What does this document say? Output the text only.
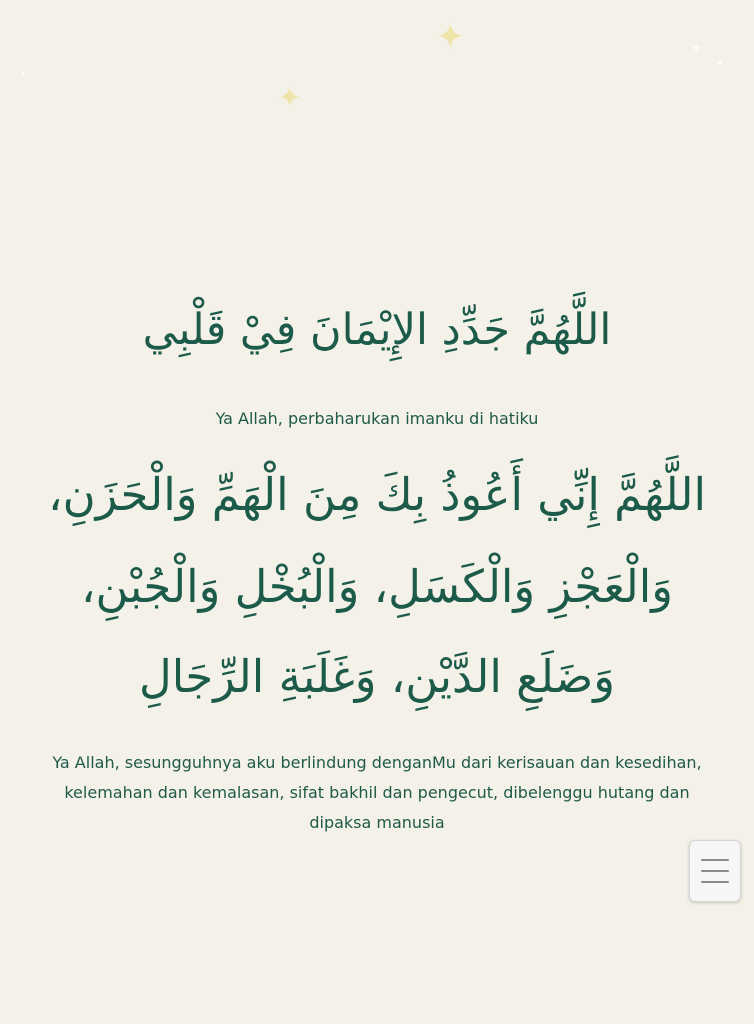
✦
✦
✦
✦
✦
اللَّهُمَّ جَدِّدِ الإِيْمَانَ فِيْ قَلْبِي
Ya Allah, perbaharukan imanku di hatiku
اللَّهُمَّ إِنِّي أَعُوذُ بِكَ مِنَ الْهَمِّ وَالْحَزَنِ،
وَالْعَجْزِ وَالْكَسَلِ، وَالْبُخْلِ وَالْجُبْنِ،
وَضَلَعِ الدَّيْنِ، وَغَلَبَةِ الرِّجَالِ
Ya Allah, sesungguhnya aku berlindung denganMu dari kerisauan dan kesedihan, kelemahan dan kemalasan, sifat bakhil dan pengecut, dibelenggu hutang dan dipaksa manusia
